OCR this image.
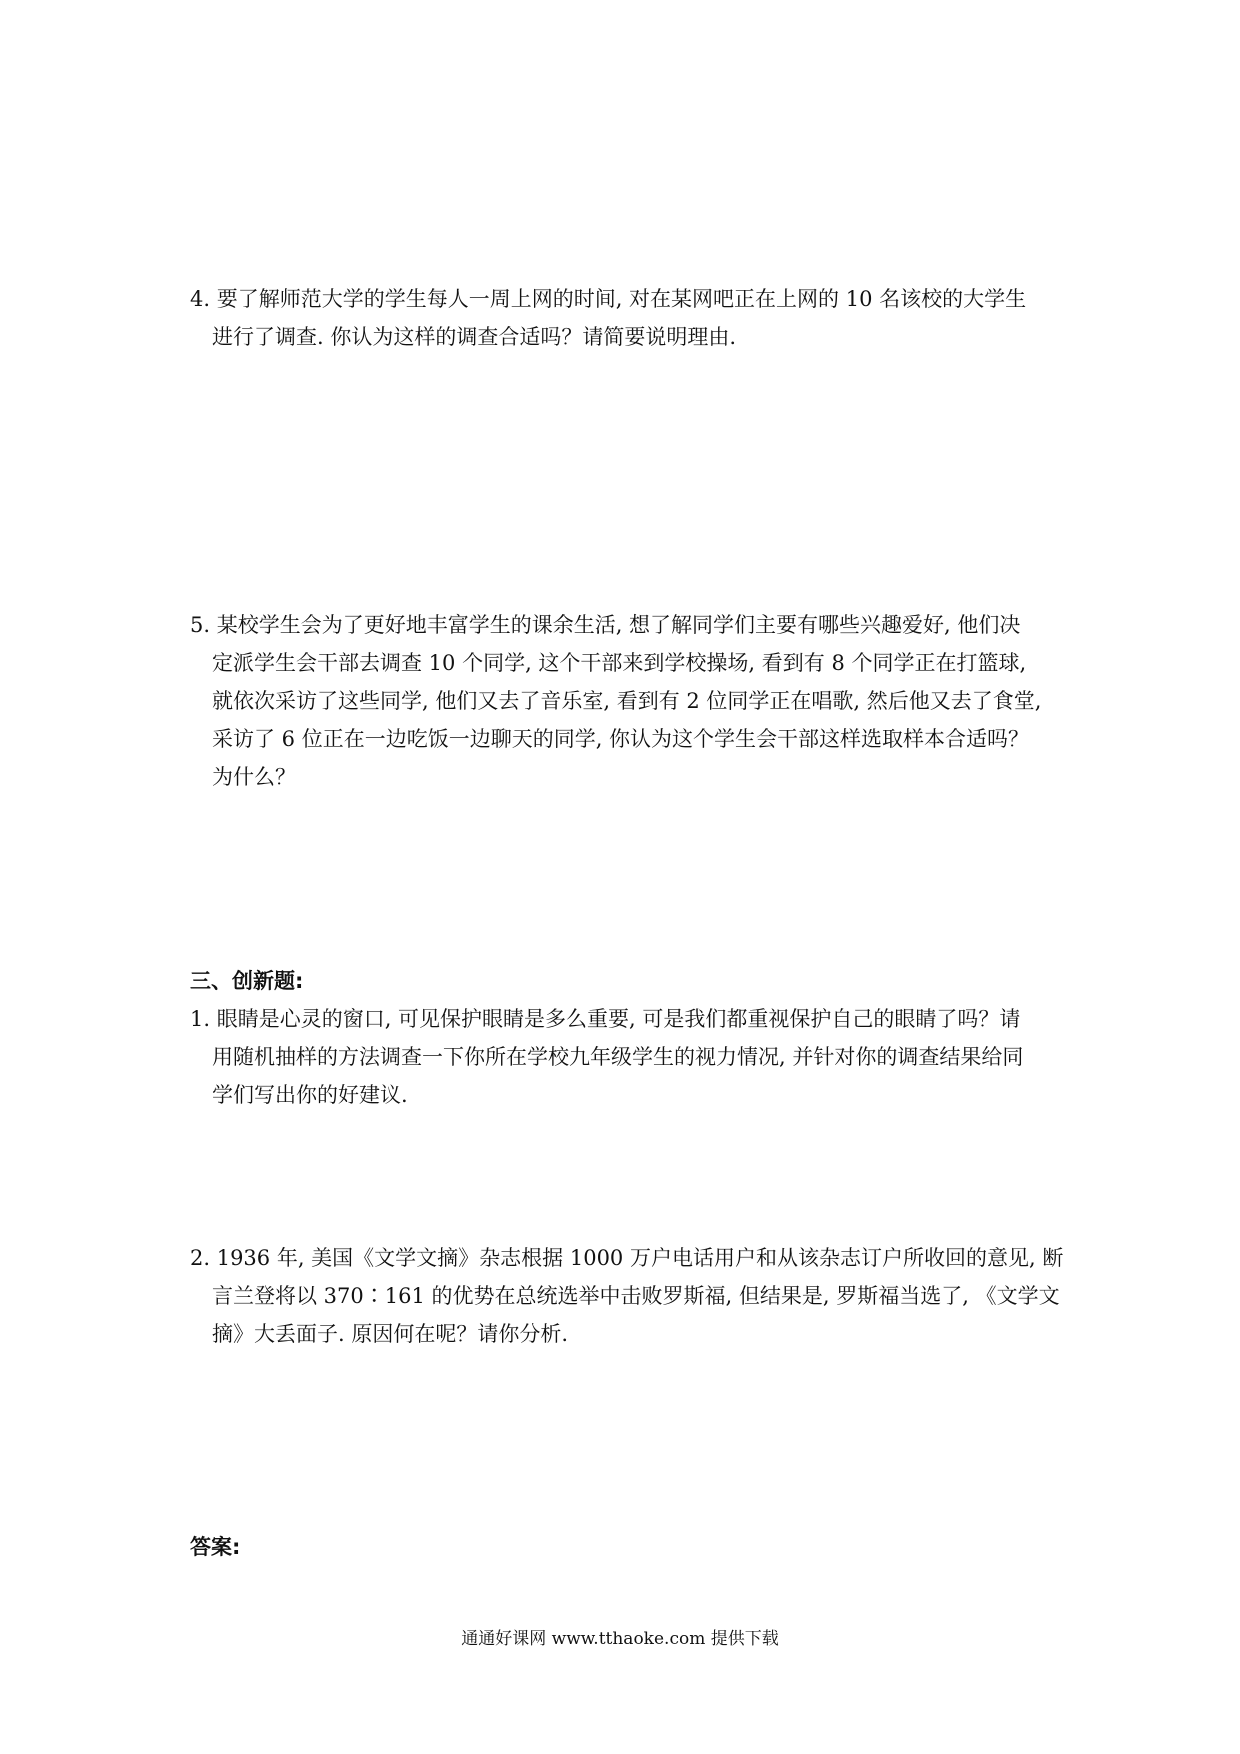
4. 要了解师范大学的学生每人一周上网的时间, 对在某网吧正在上网的 10 名该校的大学生
进行了调查. 你认为这样的调查合适吗？请简要说明理由.
5. 某校学生会为了更好地丰富学生的课余生活, 想了解同学们主要有哪些兴趣爱好, 他们决
定派学生会干部去调查 10 个同学, 这个干部来到学校操场, 看到有 8 个同学正在打篮球,
就依次采访了这些同学, 他们又去了音乐室, 看到有 2 位同学正在唱歌, 然后他又去了食堂,
采访了 6 位正在一边吃饭一边聊天的同学, 你认为这个学生会干部这样选取样本合适吗？
为什么？
三、创新题:
1. 眼睛是心灵的窗口, 可见保护眼睛是多么重要, 可是我们都重视保护自己的眼睛了吗？请
用随机抽样的方法调查一下你所在学校九年级学生的视力情况, 并针对你的调查结果给同
学们写出你的好建议.
2. 1936 年, 美国《文学文摘》杂志根据 1000 万户电话用户和从该杂志订户所收回的意见, 断
言兰登将以 370∶161 的优势在总统选举中击败罗斯福, 但结果是, 罗斯福当选了, 《文学文
摘》大丢面子. 原因何在呢？请你分析.
答案:
通通好课网 www.tthaoke.com 提供下载
